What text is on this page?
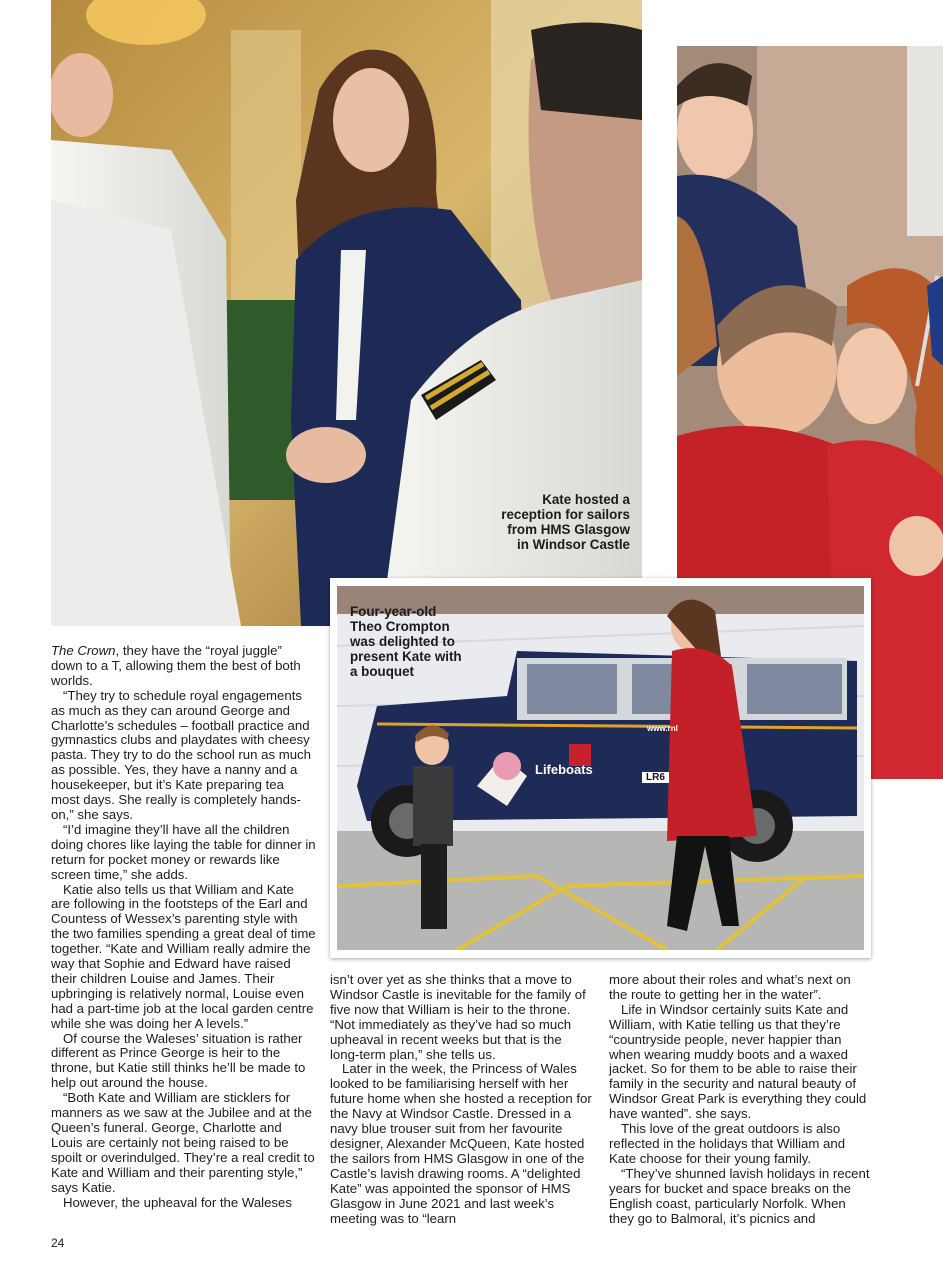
Lifeboats
LR6
www.rnl
Four-year-old Theo Crompton was delighted to present Kate with a bouquet

The Crown, they have the “royal juggle” down to a T, allowing them the best of both worlds.

“They try to schedule royal engagements as much as they can around George and Charlotte’s schedules – football practice and gymnastics clubs and playdates with cheesy pasta. They try to do the school run as much as possible. Yes, they have a nanny and a housekeeper, but it’s Kate preparing tea most days. She really is completely hands-on,” she says.

“I’d imagine they’ll have all the children doing chores like laying the table for dinner in return for pocket money or rewards like screen time,” she adds.

Katie also tells us that William and Kate are following in the footsteps of the Earl and Countess of Wessex’s parenting style with the two families spending a great deal of time together. “Kate and William really admire the way that Sophie and Edward have raised their children Louise and James. Their upbringing is relatively normal, Louise even had a part-time job at the local garden centre while she was doing her A levels.”

Of course the Waleses’ situation is rather different as Prince George is heir to the throne, but Katie still thinks he’ll be made to help out around the house.

“Both Kate and William are sticklers for manners as we saw at the Jubilee and at the Queen’s funeral. George, Charlotte and Louis are certainly not being raised to be spoilt or overindulged. They’re a real credit to Kate and William and their parenting style,” says Katie.

However, the upheaval for the Waleses

isn’t over yet as she thinks that a move to Windsor Castle is inevitable for the family of five now that William is heir to the throne. “Not immediately as they’ve had so much upheaval in recent weeks but that is the long-term plan,” she tells us.

Later in the week, the Princess of Wales looked to be familiarising herself with her future home when she hosted a reception for the Navy at Windsor Castle. Dressed in a navy blue trouser suit from her favourite designer, Alexander McQueen, Kate hosted the sailors from HMS Glasgow in one of the Castle’s lavish drawing rooms. A “delighted Kate” was appointed the sponsor of HMS Glasgow in June 2021 and last week’s meeting was to “learn

more about their roles and what’s next on the route to getting her in the water”.

Life in Windsor certainly suits Kate and William, with Katie telling us that they’re “countryside people, never happier than when wearing muddy boots and a waxed jacket. So for them to be able to raise their family in the security and natural beauty of Windsor Great Park is everything they could have wanted”. she says.

This love of the great outdoors is also reflected in the holidays that William and Kate choose for their young family.

“They’ve shunned lavish holidays in recent years for bucket and space breaks on the English coast, particularly Norfolk. When they go to Balmoral, it’s picnics and

24
Kate hosted a reception for sailors from HMS Glasgow in Windsor Castle
